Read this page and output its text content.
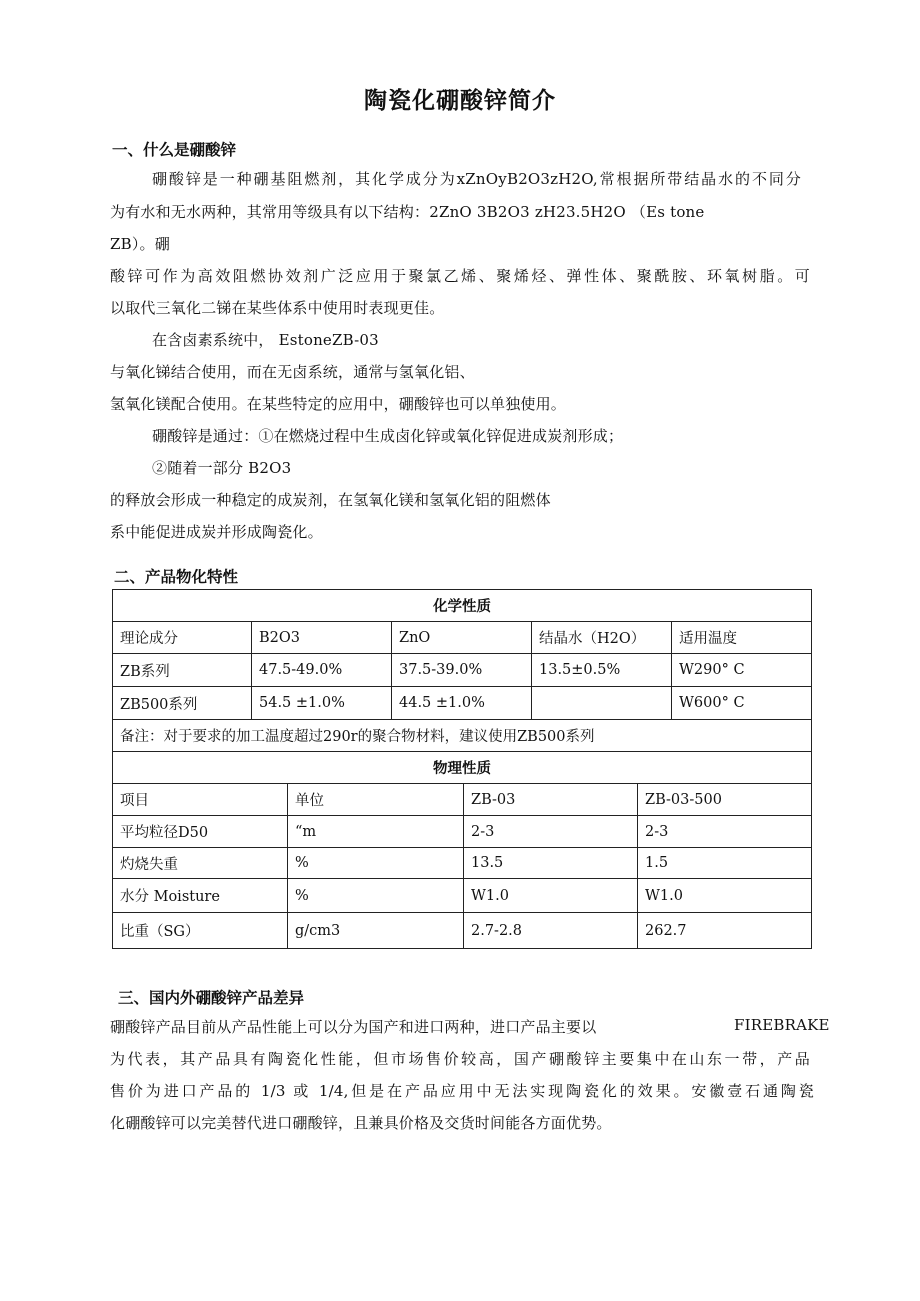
陶瓷化硼酸锌简介
一、什么是硼酸锌
硼酸锌是一种硼基阻燃剂，其化学成分为xZnOyB2O3zH2O,常根据所带结晶水的不同分
为有水和无水两种，其常用等级具有以下结构：2ZnO 3B2O3 zH23.5H2O （Es tone
ZB）。硼
酸锌可作为高效阻燃协效剂广泛应用于聚氯乙烯、聚烯烃、弹性体、聚酰胺、环氧树脂。可
以取代三氧化二锑在某些体系中使用时表现更佳。
在含卤素系统中， EstoneZB-03
与氧化锑结合使用，而在无卤系统，通常与氢氧化铝、
氢氧化镁配合使用。在某些特定的应用中，硼酸锌也可以单独使用。
硼酸锌是通过：①在燃烧过程中生成卤化锌或氧化锌促进成炭剂形成；
②随着一部分 B2O3
的释放会形成一种稳定的成炭剂，在氢氧化镁和氢氧化铝的阻燃体
系中能促进成炭并形成陶瓷化。
二、产品物化特性
化学性质				
理论成分	B2O3	ZnO	结晶水（H2O）	适用温度
ZB系列	47.5-49.0%	37.5-39.0%	13.5±0.5%	W290° C
ZB500系列	54.5 ±1.0%	44.5 ±1.0%		W600° C
备注：对于要求的加工温度超过290r的聚合物材料，建议使用ZB500系列				
物理性质			
项目	单位	ZB-03	ZB-03-500
平均粒径D50	“m	2-3	2-3
灼烧失重	%	13.5	1.5
水分 Moisture	%	W1.0	W1.0
比重（SG）	g/cm3	2.7-2.8	262.7
三、国内外硼酸锌产品差异
硼酸锌产品目前从产品性能上可以分为国产和进口两种，进口产品主要以	FIREBRAKE
为代表，其产品具有陶瓷化性能，但市场售价较高，国产硼酸锌主要集中在山东一带，产品
售价为进口产品的 1/3 或 1/4,但是在产品应用中无法实现陶瓷化的效果。安徽壹石通陶瓷
化硼酸锌可以完美替代进口硼酸锌，且兼具价格及交货时间能各方面优势。
